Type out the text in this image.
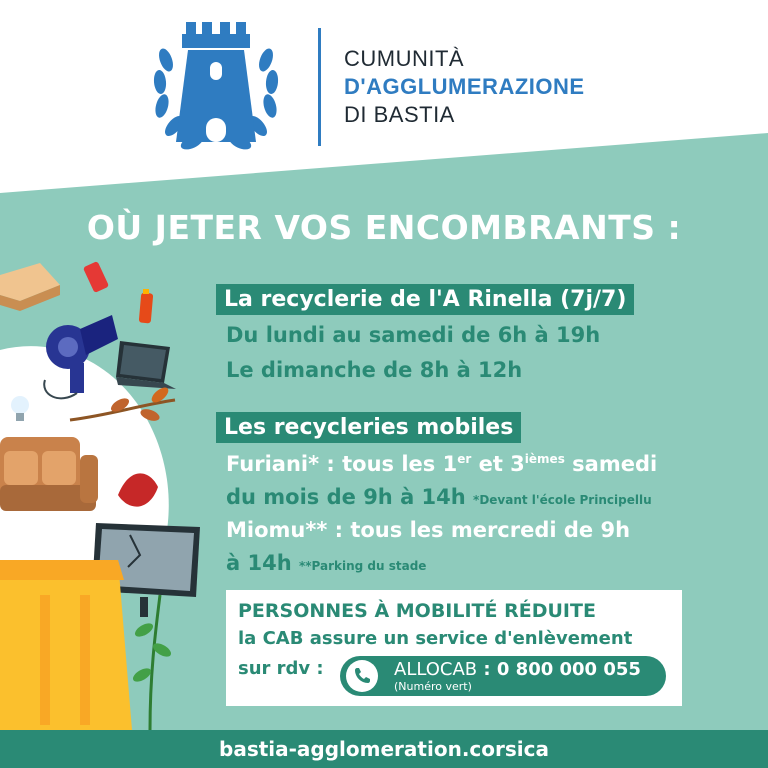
CUMUNITÀ
D'AGGLUMERAZIONE
DI BASTIA
OÙ JETER VOS ENCOMBRANTS :
La recyclerie de l'A Rinella (7j/7)
Du lundi au samedi de 6h à 19h
Le dimanche de 8h à 12h
Les recycleries mobiles
Furiani* : tous les 1er et $3^{ièmes}$ samedi
du mois de 9h à 14h *Devant l'école Principellu
Miomu** : tous les mercredi de 9h
à 14h **Parking du stade
PERSONNES À MOBILITÉ RÉDUITE
la CAB assure un service d'enlèvement
sur rdv :	ALLOCAB : 0 800 000 055
(Numéro vert)
bastia-agglomeration.corsica
